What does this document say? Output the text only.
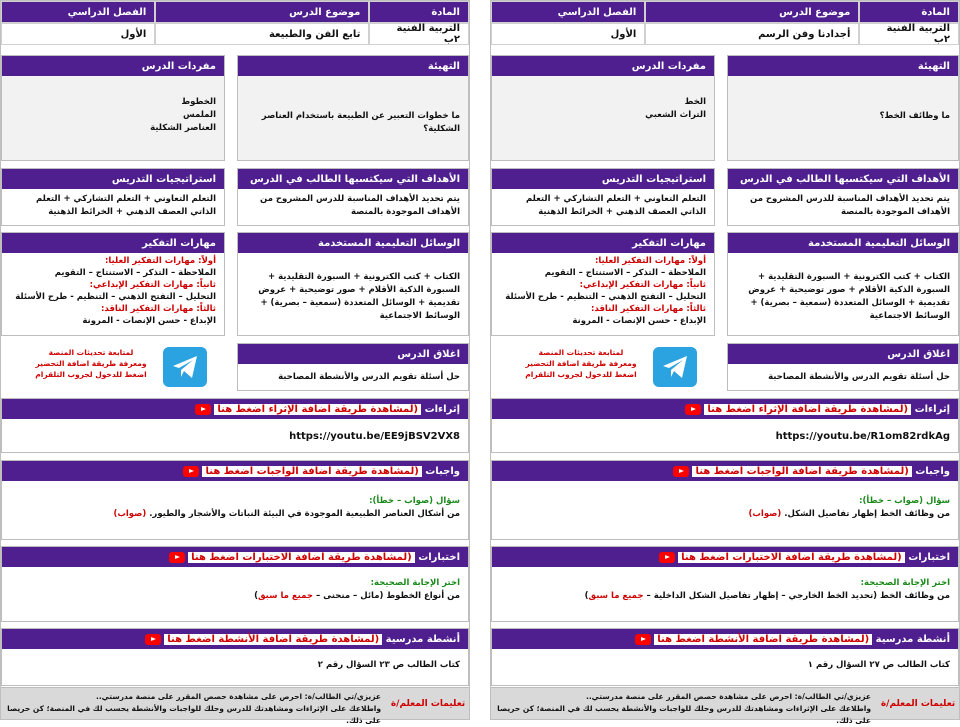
المادة
موضوع الدرس
الفصل الدراسي
التربية الفنية ٢ب
تابع الفن والطبيعة
الأول
التهيئة
ما خطوات التعبير عن الطبيعة باستخدام العناصر الشكلية؟
مفردات الدرس
الخطوط
الملمس
العناصر الشكلية
الأهداف التي سيكتسبها الطالب في الدرس
يتم تحديد الأهداف المناسبة للدرس المشروح من الأهداف الموجودة بالمنصة
استراتيجيات التدريس
التعلم التعاوني + التعلم التشاركي + التعلم الذاتي العصف الذهني + الخرائط الذهنية
الوسائل التعليمية المستخدمة
الكتاب + كتب الكترونية + السبورة التقليدية + السبورة الذكية الأقلام + صور توضيحية + عروض تقديمية + الوسائل المتعددة (سمعية – بصرية) + الوسائط الاجتماعية
مهارات التفكير
أولاً: مهارات التفكير العليا:
الملاحظة – التذكر – الاستنتاج – التقويم
ثانياً: مهارات التفكير الإبداعي:
التحليل – التفتح الذهني – التنظيم - طرح الأسئلة
ثالثاً: مهارات التفكير الناقد:
الإبداع - حسن الإنصات - المرونة
اغلاق الدرس
حل أسئلة تقويم الدرس والأنشطة المصاحبة
لمتابعة تحديثات المنصة
ومعرفة طريقة اضافة التحضير
اضغط للدخول لجروب التلقرام
إثراءات

(لمشاهدة طريقة اضافة الإثراء اضغط هنا
https://youtu.be/EE9jBSV2VX8
واجبات

(لمشاهدة طريقة اضافة الواجبات اضغط هنا
سؤال (صواب – خطأ):
من أشكال العناصر الطبيعية الموجودة في البيئة النباتات والأشجار والطيور. (صواب)
اختبارات

(لمشاهدة طريقة اضافة الاختبارات اضغط هنا
اختر الإجابة الصحيحة:
من أنواع الخطوط (مائل – منحنى – جميع ما سبق)
أنشطة مدرسية

(لمشاهدة طريقة اضافة الأنشطة اضغط هنا
كتاب الطالب ص ٢٣ السؤال رقم ٢
تعليمات المعلم/ة
عزيزي/تي الطالب/ة: احرص على مشاهدة حصص المقرر على منصة مدرستي..
واطلاعك على الإثراءات ومشاهدتك للدرس وحلك للواجبات والأنشطة يحسب لك في المنصة؛ كن حريصا على ذلك.
المادة
موضوع الدرس
الفصل الدراسي
التربية الفنية ٢ب
أجدادنا وفن الرسم
الأول
التهيئة
ما وظائف الخط؟
مفردات الدرس
الخط
التراث الشعبي
الأهداف التي سيكتسبها الطالب في الدرس
يتم تحديد الأهداف المناسبة للدرس المشروح من الأهداف الموجودة بالمنصة
استراتيجيات التدريس
التعلم التعاوني + التعلم التشاركي + التعلم الذاتي العصف الذهني + الخرائط الذهنية
الوسائل التعليمية المستخدمة
الكتاب + كتب الكترونية + السبورة التقليدية + السبورة الذكية الأقلام + صور توضيحية + عروض تقديمية + الوسائل المتعددة (سمعية – بصرية) + الوسائط الاجتماعية
مهارات التفكير
أولاً: مهارات التفكير العليا:
الملاحظة – التذكر – الاستنتاج – التقويم
ثانياً: مهارات التفكير الإبداعي:
التحليل – التفتح الذهني – التنظيم - طرح الأسئلة
ثالثاً: مهارات التفكير الناقد:
الإبداع - حسن الإنصات - المرونة
اغلاق الدرس
حل أسئلة تقويم الدرس والأنشطة المصاحبة
لمتابعة تحديثات المنصة
ومعرفة طريقة اضافة التحضير
اضغط للدخول لجروب التلقرام
إثراءات

(لمشاهدة طريقة اضافة الإثراء اضغط هنا
https://youtu.be/R1om82rdkAg
واجبات

(لمشاهدة طريقة اضافة الواجبات اضغط هنا
سؤال (صواب – خطأ):
من وظائف الخط إظهار تفاصيل الشكل. (صواب)
اختبارات

(لمشاهدة طريقة اضافة الاختبارات اضغط هنا
اختر الإجابة الصحيحة:
من وظائف الخط (تحديد الخط الخارجي – إظهار تفاصيل الشكل الداخلية – جميع ما سبق)
أنشطة مدرسية

(لمشاهدة طريقة اضافة الأنشطة اضغط هنا
كتاب الطالب ص ٢٧ السؤال رقم ١
تعليمات المعلم/ة
عزيزي/تي الطالب/ة: احرص على مشاهدة حصص المقرر على منصة مدرستي..
واطلاعك على الإثراءات ومشاهدتك للدرس وحلك للواجبات والأنشطة يحسب لك في المنصة؛ كن حريصا على ذلك.
